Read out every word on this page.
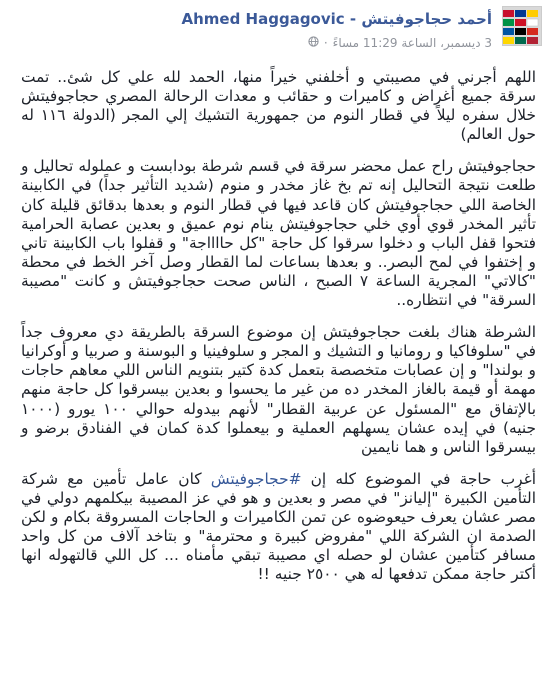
أحمد حجاجوفيتش - Ahmed Haggagovic
3 ديسمبر، الساعة 11:29 مساءً
·

اللهم أجرني في مصيبتي و أخلفني خيراً منها، الحمد لله علي كل شئ.. تمت سرقة جميع أغراض و كاميرات و حقائب و معدات الرحالة المصري حجاجوفيتش خلال سفره ليلاً في قطار النوم من جمهورية التشيك إلي المجر (الدولة ١١٦ له حول العالم)

حجاجوفيتش راح عمل محضر سرقة في قسم شرطة بودابست و عملوله تحاليل و طلعت نتيجة التحاليل إنه تم بخ غاز مخدر و منوم (شديد التأثير جداً) في الكابينة الخاصة اللي حجاجوفيتش كان قاعد فيها في قطار النوم و بعدها بدقائق قليلة كان تأثير المخدر قوي أوي خلي حجاجوفيتش ينام نوم عميق و بعدين عصابة الحرامية فتحوا قفل الباب و دخلوا سرقوا كل حاجة "كل حااااجة" و قفلوا باب الكابينة تاني و إختفوا في لمح البصر.. و بعدها بساعات لما القطار وصل آخر الخط في محطة "كالاتي" المجرية الساعة ٧ الصبح ، الناس صحت حجاجوفيتش و كانت "مصيبة السرقة" في انتظاره..

الشرطة هناك بلغت حجاجوفيتش إن موضوع السرقة بالطريقة دي معروف جداً في "سلوفاكيا و رومانيا و التشيك و المجر و سلوفينيا و البوسنة و صربيا و أوكرانيا و بولندا" و إن عصابات متخصصة بتعمل كدة كتير بتنويم الناس اللي معاهم حاجات مهمة أو قيمة بالغاز المخدر ده من غير ما يحسوا و بعدين بيسرقوا كل حاجة منهم بالإتفاق مع "المسئول عن عربية القطار" لأنهم بيدوله حوالي ١٠٠ يورو (١٠٠٠ جنيه) في إيده عشان يسهلهم العملية و بيعملوا كدة كمان في الفنادق برضو و بيسرقوا الناس و هما نايمين

أغرب حاجة في الموضوع كله إن #حجاجوفيتش كان عامل تأمين مع شركة التأمين الكبيرة "إليانز" في مصر و بعدين و هو في عز المصيبة بيكلمهم دولي في مصر عشان يعرف حيعوضوه عن تمن الكاميرات و الحاجات المسروقة بكام و لكن الصدمة ان الشركة اللي "مفروض كبيرة و محترمة" و بتاخد آلاف من كل واحد مسافر كتأمين عشان لو حصله اي مصيبة تبقي مأمناه ... كل اللي قالتهوله انها أكتر حاجة ممكن تدفعها له هي ٢٥٠٠ جنيه !!
